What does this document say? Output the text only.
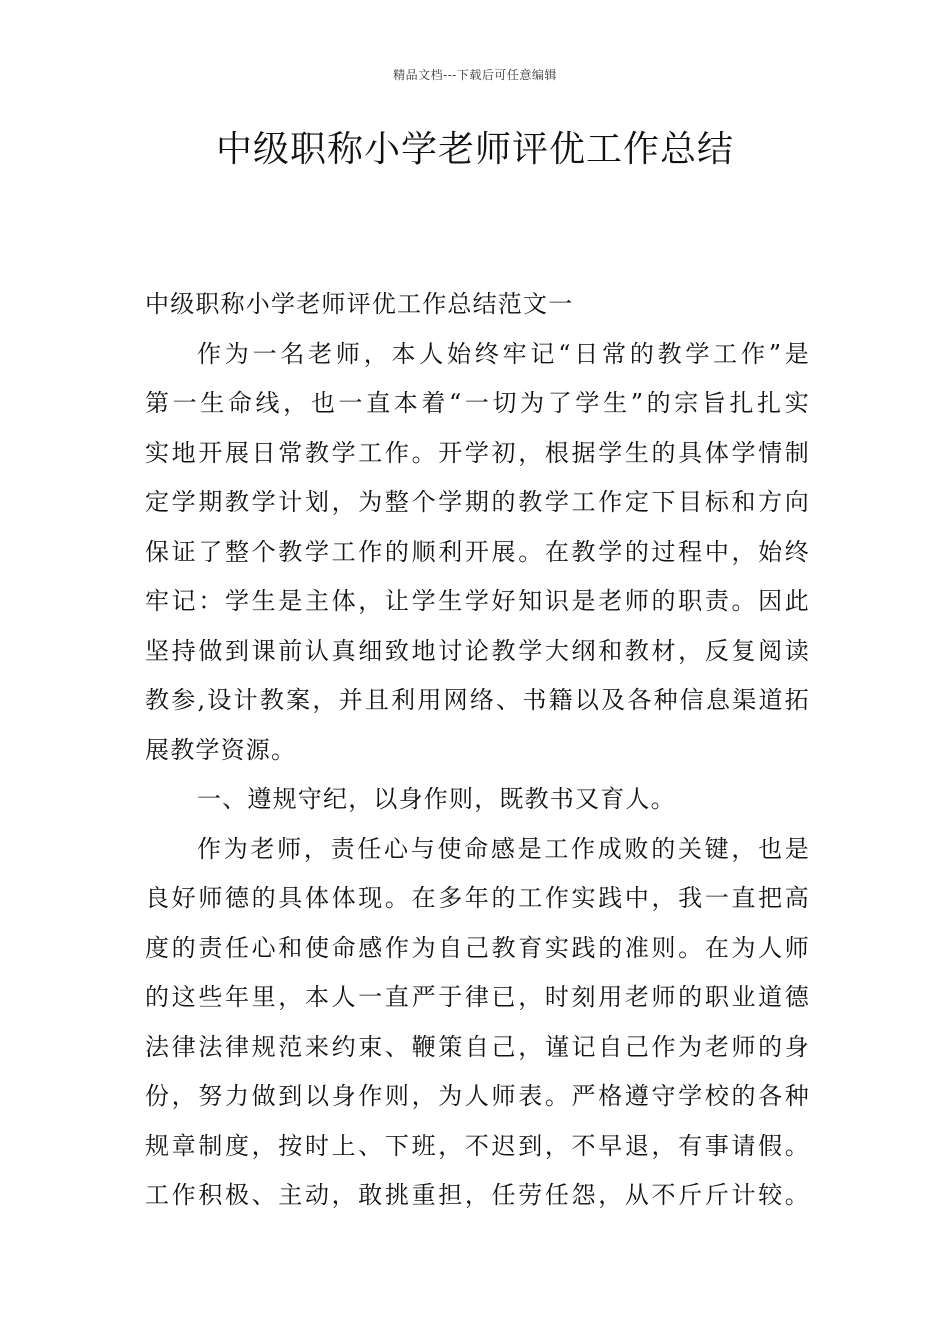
精品文档---下载后可任意编辑
中级职称小学老师评优工作总结
中级职称小学老师评优工作总结范文一
作为一名老师，本人始终牢记“日常的教学工作”是
第一生命线，也一直本着“一切为了学生”的宗旨扎扎实
实地开展日常教学工作。开学初，根据学生的具体学情制
定学期教学计划，为整个学期的教学工作定下目标和方向
保证了整个教学工作的顺利开展。在教学的过程中，始终
牢记：学生是主体，让学生学好知识是老师的职责。因此
坚持做到课前认真细致地讨论教学大纲和教材，反复阅读
教参,设计教案，并且利用网络、书籍以及各种信息渠道拓
展教学资源。
一、遵规守纪，以身作则，既教书又育人。
作为老师，责任心与使命感是工作成败的关键，也是
良好师德的具体体现。在多年的工作实践中，我一直把高
度的责任心和使命感作为自己教育实践的准则。在为人师
的这些年里，本人一直严于律已，时刻用老师的职业道德
法律法律规范来约束、鞭策自己，谨记自己作为老师的身
份，努力做到以身作则，为人师表。严格遵守学校的各种
规章制度，按时上、下班，不迟到，不早退，有事请假。
工作积极、主动，敢挑重担，任劳任怨，从不斤斤计较。
